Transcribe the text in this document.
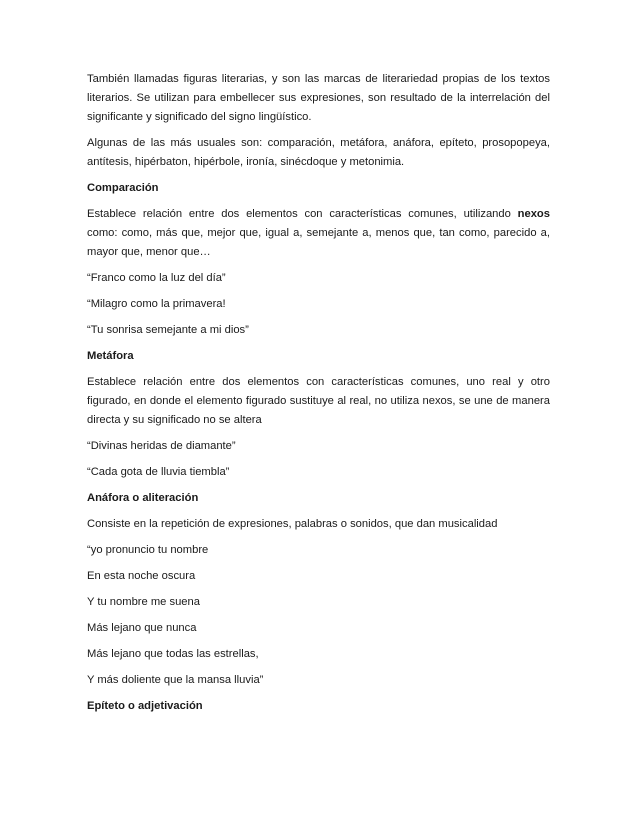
También llamadas figuras literarias, y son las marcas de literariedad propias de los textos literarios. Se utilizan para embellecer sus expresiones, son resultado de la interrelación del significante y significado del signo lingüístico.

Algunas de las más usuales son: comparación, metáfora, anáfora, epíteto, prosopopeya, antítesis, hipérbaton, hipérbole, ironía, sinécdoque y metonimia.

Comparación

Establece relación entre dos elementos con características comunes, utilizando nexos como: como, más que, mejor que, igual a, semejante a, menos que, tan como, parecido a, mayor que, menor que…

“Franco como la luz del día”

“Milagro como la primavera!

“Tu sonrisa semejante a mi dios”

Metáfora

Establece relación entre dos elementos con características comunes, uno real y otro figurado, en donde el elemento figurado sustituye al real, no utiliza nexos, se une de manera directa y su significado no se altera

“Divinas heridas de diamante”

“Cada gota de lluvia tiembla”

Anáfora o aliteración

Consiste en la repetición de expresiones, palabras o sonidos, que dan musicalidad

“yo pronuncio tu nombre

En esta noche oscura

Y tu nombre me suena

Más lejano que nunca

Más lejano que todas las estrellas,

Y más doliente que la mansa lluvia”

Epíteto o adjetivación
